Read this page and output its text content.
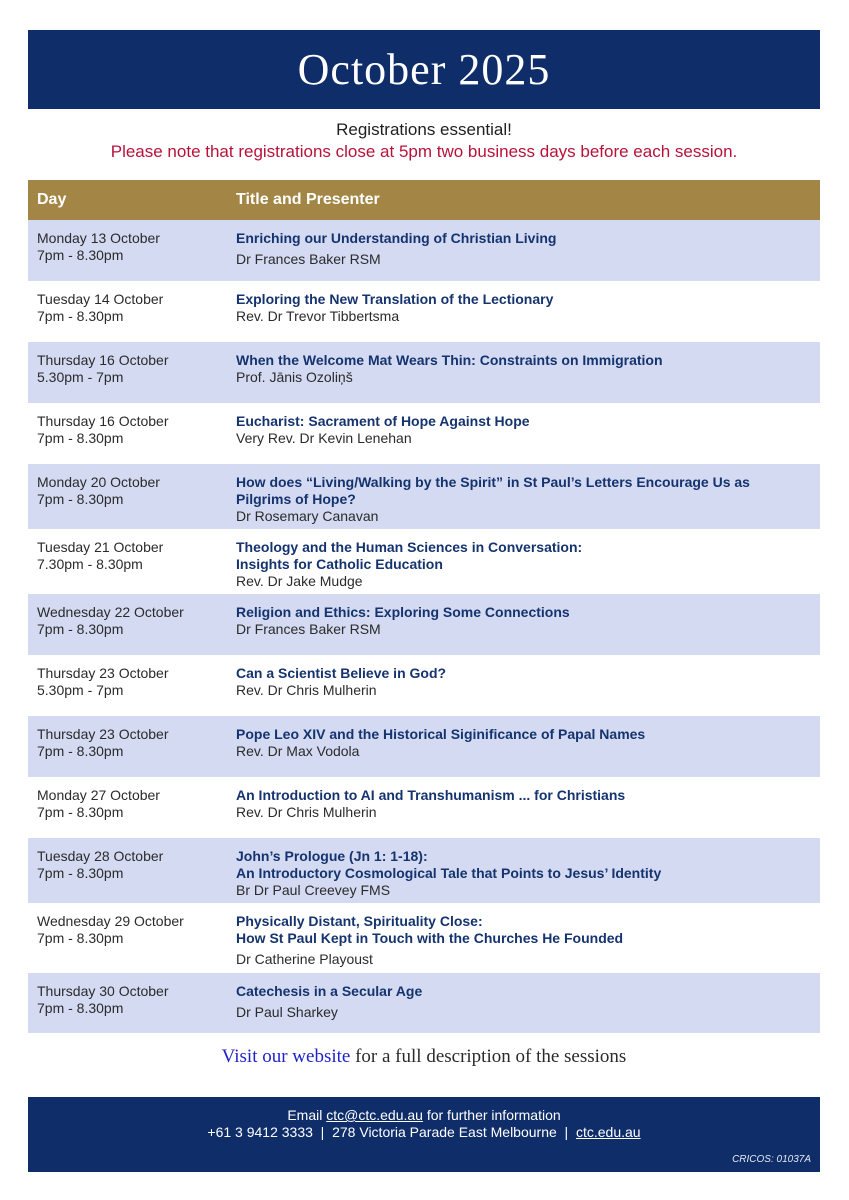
October 2025
Registrations essential!
Please note that registrations close at 5pm two business days before each session.
Day	Title and Presenter
Monday 13 October
7pm - 8.30pm
Enriching our Understanding of Christian Living
Dr Frances Baker RSM
Tuesday 14 October
7pm - 8.30pm
Exploring the New Translation of the Lectionary
Rev. Dr Trevor Tibbertsma
Thursday 16 October
5.30pm - 7pm
When the Welcome Mat Wears Thin: Constraints on Immigration
Prof. Jānis Ozoliņš
Thursday 16 October
7pm - 8.30pm
Eucharist: Sacrament of Hope Against Hope
Very Rev. Dr Kevin Lenehan
Monday 20 October
7pm - 8.30pm
How does “Living/Walking by the Spirit” in St Paul’s Letters Encourage Us as Pilgrims of Hope?
Dr Rosemary Canavan
Tuesday 21 October
7.30pm - 8.30pm
Theology and the Human Sciences in Conversation:
Insights for Catholic Education
Rev. Dr Jake Mudge
Wednesday 22 October
7pm - 8.30pm
Religion and Ethics: Exploring Some Connections
Dr Frances Baker RSM
Thursday 23 October
5.30pm - 7pm
Can a Scientist Believe in God?
Rev. Dr Chris Mulherin
Thursday 23 October
7pm - 8.30pm
Pope Leo XIV and the Historical Siginificance of Papal Names
Rev. Dr Max Vodola
Monday 27 October
7pm - 8.30pm
An Introduction to AI and Transhumanism ... for Christians
Rev. Dr Chris Mulherin
Tuesday 28 October
7pm - 8.30pm
John’s Prologue (Jn 1: 1-18):
An Introductory Cosmological Tale that Points to Jesus’ Identity
Br Dr Paul Creevey FMS
Wednesday 29 October
7pm - 8.30pm
Physically Distant, Spirituality Close:
How St Paul Kept in Touch with the Churches He Founded
Dr Catherine Playoust
Thursday 30 October
7pm - 8.30pm
Catechesis in a Secular Age
Dr Paul Sharkey
Visit our website for a full description of the sessions
Email ctc@ctc.edu.au for further information
+61 3 9412 3333  |  278 Victoria Parade East Melbourne  |  ctc.edu.au
CRICOS: 01037A
